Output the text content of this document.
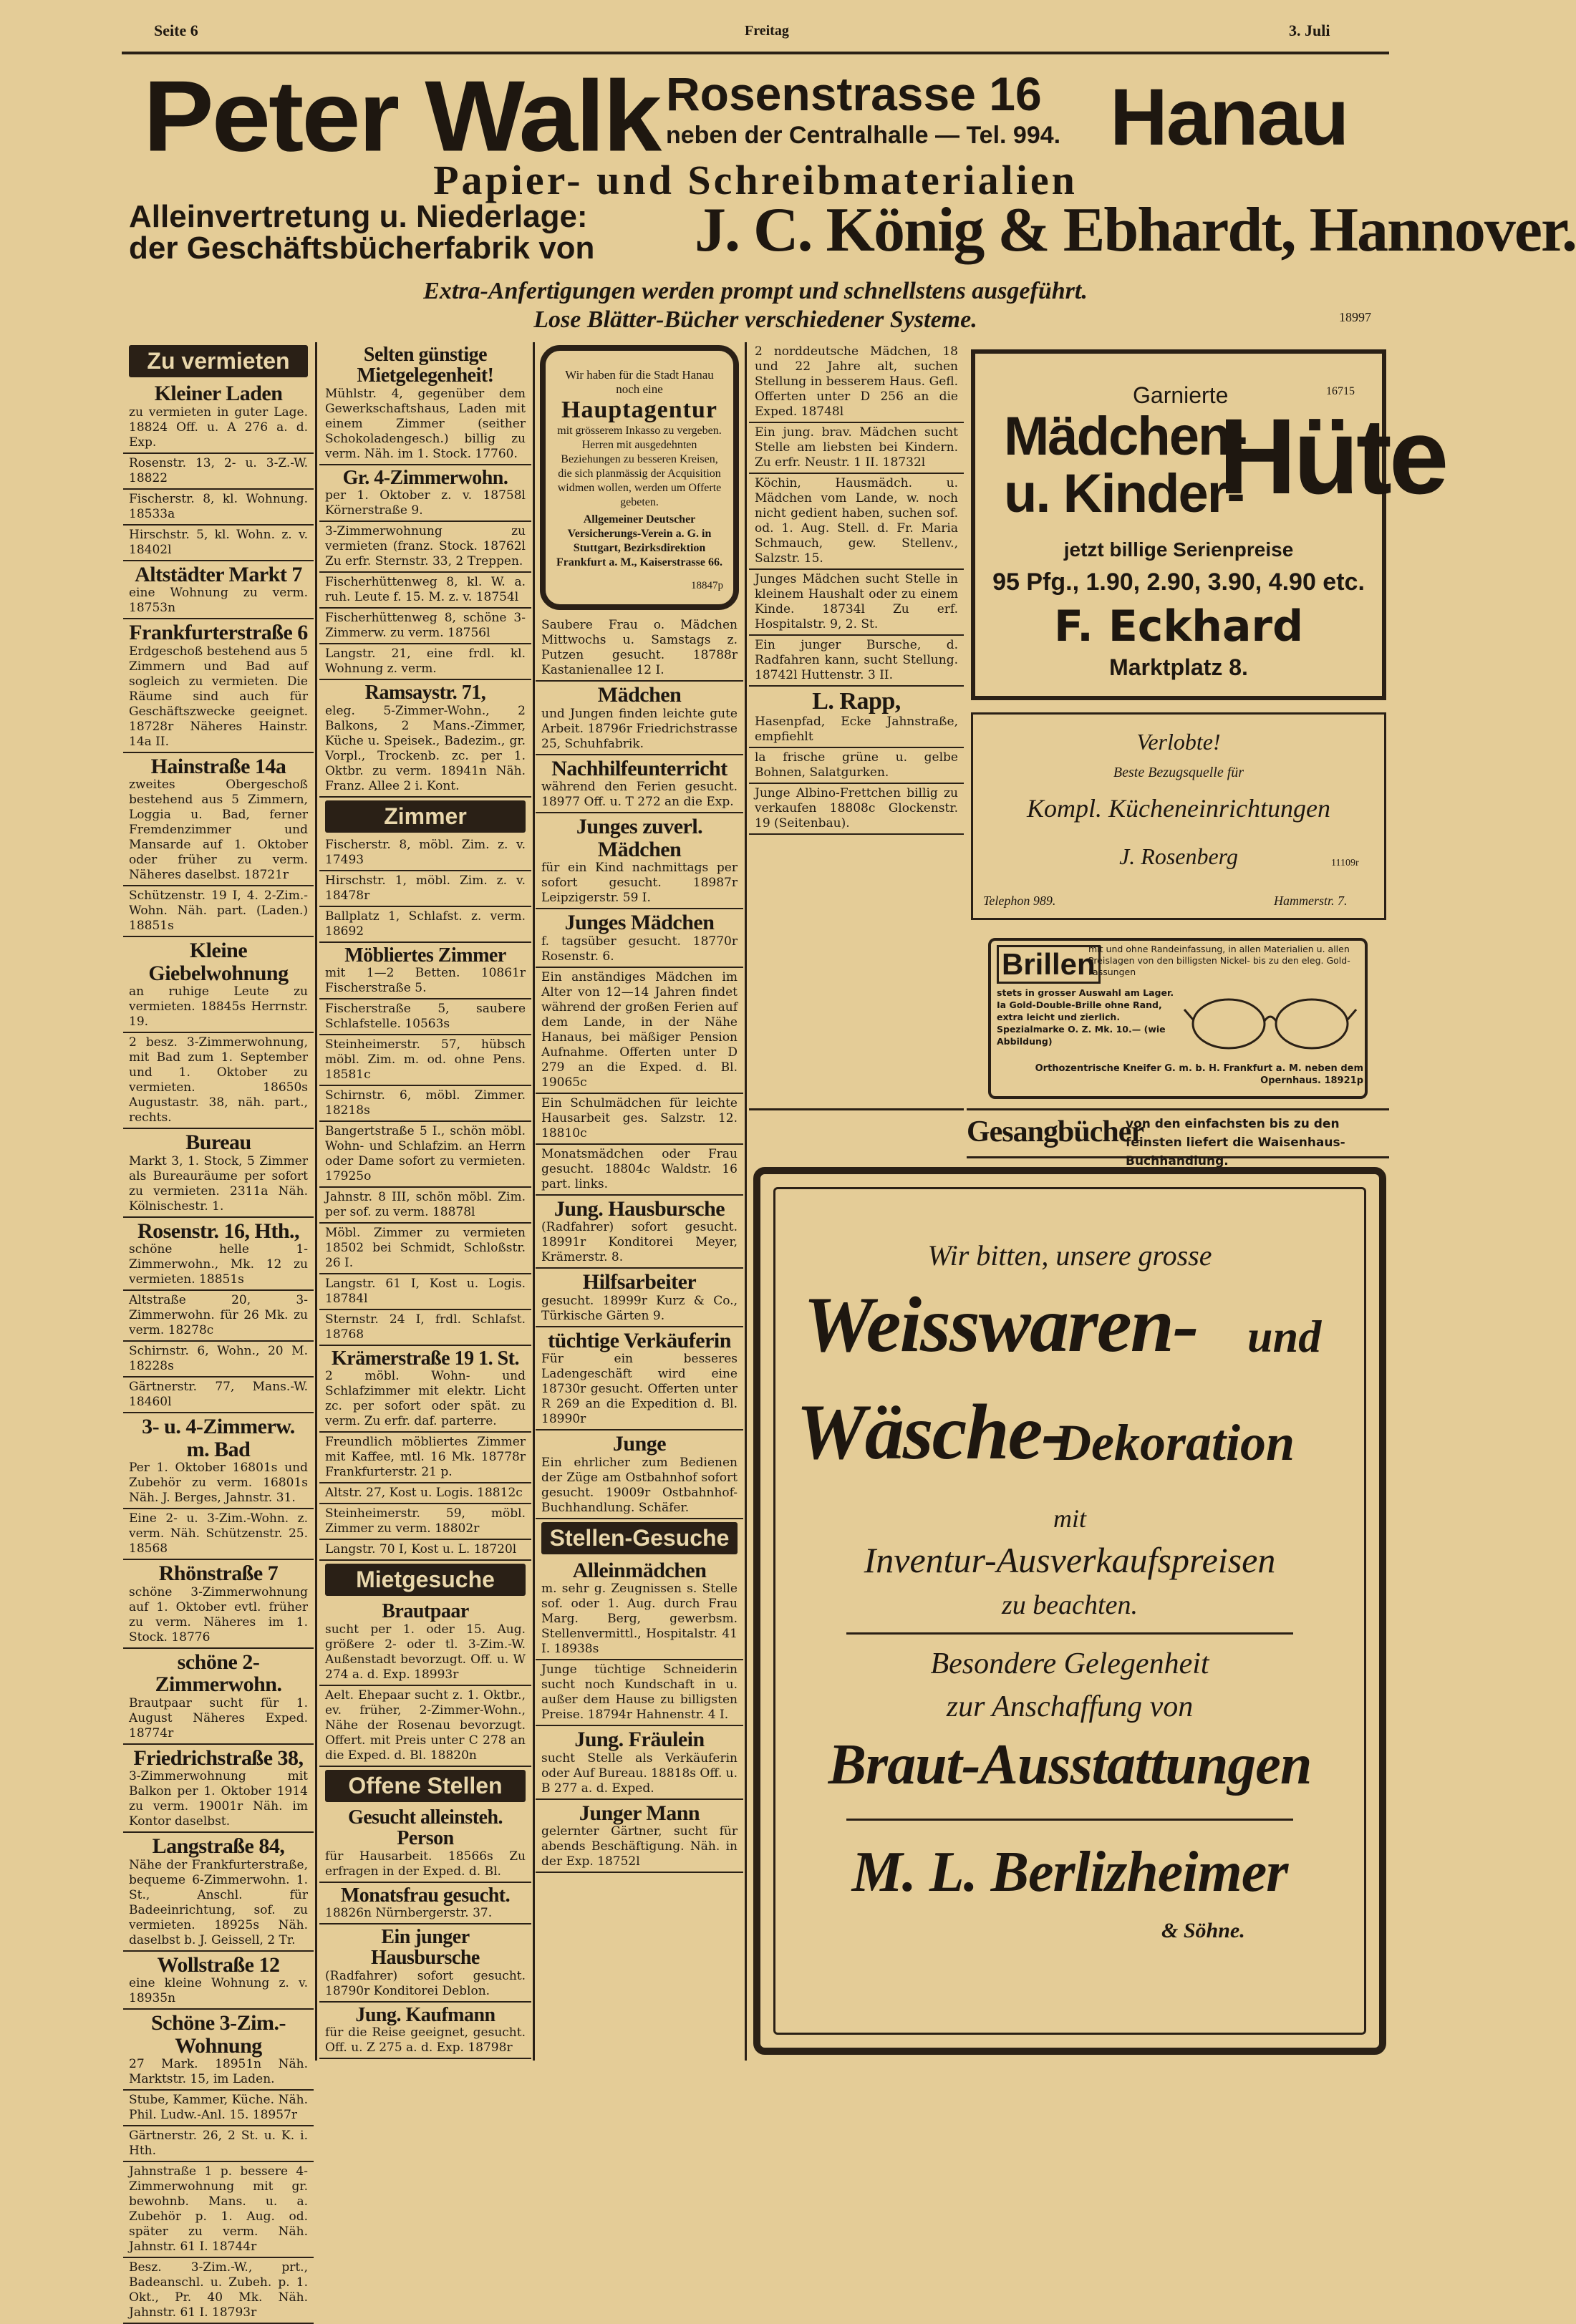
Seite 6	Freitag	3. Juli
Peter Walk Rosenstrasse 16
neben der Centralhalle — Tel. 994. Hanau
Papier- und Schreibmaterialien
Alleinvertretung u. Niederlage:
der Geschäftsbücherfabrik von J. C. König & Ebhardt, Hannover.
Extra-Anfertigungen werden prompt und schnellstens ausgeführt.
Lose Blätter-Bücher verschiedener Systeme.	18997
Zu vermieten
Kleiner Laden
zu vermieten in guter Lage. 18824 Off. u. A 276 a. d. Exp.
Rosenstr. 13, 2- u. 3-Z.-W. 18822
Fischerstr. 8, kl. Wohnung. 18533a
Hirschstr. 5, kl. Wohn. z. v. 18402l
Altstädter Markt 7
eine Wohnung zu verm. 18753n
Frankfurterstraße 6
Erdgeschoß bestehend aus 5 Zimmern und Bad auf sogleich zu vermieten. Die Räume sind auch für Geschäftszwecke geeignet. 18728r Näheres Hainstr. 14a II.
Hainstraße 14a
zweites Obergeschoß bestehend aus 5 Zimmern, Loggia u. Bad, ferner Fremdenzimmer und Mansarde auf 1. Oktober oder früher zu verm. Näheres daselbst. 18721r
Schützenstr. 19 I, 4. 2-Zim.-Wohn. Näh. part. (Laden.) 18851s
Kleine Giebelwohnung
an ruhige Leute zu vermieten. 18845s Herrnstr. 19.
2 besz. 3-Zimmerwohnung, mit Bad zum 1. September und 1. Oktober zu vermieten. 18650s Augustastr. 38, näh. part., rechts.
Bureau
Markt 3, 1. Stock, 5 Zimmer als Bureauräume per sofort zu vermieten. 2311a Näh. Kölnischestr. 1.
Rosenstr. 16, Hth.,
schöne helle 1-Zimmerwohn., Mk. 12 zu vermieten. 18851s
Altstraße 20, 3-Zimmerwohn. für 26 Mk. zu verm. 18278c
Schirnstr. 6, Wohn., 20 M. 18228s
Gärtnerstr. 77, Mans.-W. 18460l
3- u. 4-Zimmerw. m. Bad
Per 1. Oktober 16801s und Zubehör zu verm. 16801s Näh. J. Berges, Jahnstr. 31.
Eine 2- u. 3-Zim.-Wohn. z. verm. Näh. Schützenstr. 25. 18568
Rhönstraße 7
schöne 3-Zimmerwohnung auf 1. Oktober evtl. früher zu verm. Näheres im 1. Stock. 18776
schöne 2-Zimmerwohn.
Brautpaar sucht für 1. August Näheres Exped. 18774r
Friedrichstraße 38,
3-Zimmerwohnung mit Balkon per 1. Oktober 1914 zu verm. 19001r Näh. im Kontor daselbst.
Langstraße 84,
Nähe der Frankfurterstraße, bequeme 6-Zimmerwohn. 1. St., Anschl. für Badeeinrichtung, sof. zu vermieten. 18925s Näh. daselbst b. J. Geissell, 2 Tr.
Wollstraße 12
eine kleine Wohnung z. v. 18935n
Schöne 3-Zim.-Wohnung
27 Mark. 18951n Näh. Marktstr. 15, im Laden.
Stube, Kammer, Küche. Näh. Phil. Ludw.-Anl. 15. 18957r
Gärtnerstr. 26, 2 St. u. K. i. Hth.
Jahnstraße 1 p. bessere 4-Zimmerwohnung mit gr. bewohnb. Mans. u. a. Zubehör p. 1. Aug. od. später zu verm. Näh. Jahnstr. 61 I. 18744r
Besz. 3-Zim.-W., prt., Badeanschl. u. Zubeh. p. 1. Okt., Pr. 40 Mk. Näh. Jahnstr. 61 I. 18793r
Selten günstige Mietgelegenheit!
Mühlstr. 4, gegenüber dem Gewerkschaftshaus, Laden mit einem Zimmer (seither Schokoladengesch.) billig zu verm. Näh. im 1. Stock. 17760.
Gr. 4-Zimmerwohn.
per 1. Oktober z. v. 18758l Körnerstraße 9.
3-Zimmerwohnung zu vermieten (franz. Stock. 18762l Zu erfr. Sternstr. 33, 2 Treppen.
Fischerhüttenweg 8, kl. W. a. ruh. Leute f. 15. M. z. v. 18754l
Fischerhüttenweg 8, schöne 3-Zimmerw. zu verm. 18756l
Langstr. 21, eine frdl. kl. Wohnung z. verm.
Ramsaystr. 71,
eleg. 5-Zimmer-Wohn., 2 Balkons, 2 Mans.-Zimmer, Küche u. Speisek., Badezim., gr. Vorpl., Trockenb. zc. per 1. Oktbr. zu verm. 18941n Näh. Franz. Allee 2 i. Kont.
Zimmer
Fischerstr. 8, möbl. Zim. z. v. 17493
Hirschstr. 1, möbl. Zim. z. v. 18478r
Ballplatz 1, Schlafst. z. verm. 18692
Möbliertes Zimmer
mit 1—2 Betten. 10861r Fischerstraße 5.
Fischerstraße 5, saubere Schlafstelle. 10563s
Steinheimerstr. 57, hübsch möbl. Zim. m. od. ohne Pens. 18581c
Schirnstr. 6, möbl. Zimmer. 18218s
Bangertstraße 5 I., schön möbl. Wohn- und Schlafzim. an Herrn oder Dame sofort zu vermieten. 17925o
Jahnstr. 8 III, schön möbl. Zim. per sof. zu verm. 18878l
Möbl. Zimmer zu vermieten 18502 bei Schmidt, Schloßstr. 26 I.
Langstr. 61 I, Kost u. Logis. 18784l
Sternstr. 24 I, frdl. Schlafst. 18768
Krämerstraße 19 1. St.
2 möbl. Wohn- und Schlafzimmer mit elektr. Licht zc. per sofort oder spät. zu verm. Zu erfr. daf. parterre.
Freundlich möbliertes Zimmer mit Kaffee, mtl. 16 Mk. 18778r Frankfurterstr. 21 p.
Altstr. 27, Kost u. Logis. 18812c
Steinheimerstr. 59, möbl. Zimmer zu verm. 18802r
Langstr. 70 I, Kost u. L. 18720l
Mietgesuche
Brautpaar
sucht per 1. oder 15. Aug. größere 2- oder tl. 3-Zim.-W. Außenstadt bevorzugt. Off. u. W 274 a. d. Exp. 18993r
Aelt. Ehepaar sucht z. 1. Oktbr., ev. früher, 2-Zimmer-Wohn., Nähe der Rosenau bevorzugt. Offert. mit Preis unter C 278 an die Exped. d. Bl. 18820n
Offene Stellen
Gesucht alleinsteh. Person
für Hausarbeit. 18566s Zu erfragen in der Exped. d. Bl.
Monatsfrau gesucht.
18826n Nürnbergerstr. 37.
Ein junger Hausbursche
(Radfahrer) sofort gesucht. 18790r Konditorei Deblon.
Jung. Kaufmann
für die Reise geeignet, gesucht. Off. u. Z 275 a. d. Exp. 18798r
Wir haben für die Stadt Hanau noch eine
Hauptagentur
mit grösserem Inkasso zu vergeben. Herren mit ausgedehnten Beziehungen zu besseren Kreisen, die sich planmässig der Acquisition widmen wollen, werden um Offerte gebeten.
Allgemeiner Deutscher Versicherungs-Verein a. G. in Stuttgart, Bezirksdirektion Frankfurt a. M., Kaiserstrasse 66.
18847p
Saubere Frau o. Mädchen Mittwochs u. Samstags z. Putzen gesucht. 18788r Kastanienallee 12 I.
Mädchen
und Jungen finden leichte gute Arbeit. 18796r Friedrichstrasse 25, Schuhfabrik.
Nachhilfeunterricht
während den Ferien gesucht. 18977 Off. u. T 272 an die Exp.
Junges zuverl. Mädchen
für ein Kind nachmittags per sofort gesucht. 18987r Leipzigerstr. 59 I.
Junges Mädchen
f. tagsüber gesucht. 18770r Rosenstr. 6.
Ein anständiges Mädchen im Alter von 12—14 Jahren findet während der großen Ferien auf dem Lande, in der Nähe Hanaus, bei mäßiger Pension Aufnahme. Offerten unter D 279 an die Exped. d. Bl. 19065c
Ein Schulmädchen für leichte Hausarbeit ges. Salzstr. 12. 18810c
Monatsmädchen oder Frau gesucht. 18804c Waldstr. 16 part. links.
Jung. Hausbursche
(Radfahrer) sofort gesucht. 18991r Konditorei Meyer, Krämerstr. 8.
Hilfsarbeiter
gesucht. 18999r Kurz & Co., Türkische Gärten 9.
tüchtige Verkäuferin
Für ein besseres Ladengeschäft wird eine 18730r gesucht. Offerten unter R 269 an die Expedition d. Bl. 18990r
Junge
Ein ehrlicher zum Bedienen der Züge am Ostbahnhof sofort gesucht. 19009r Ostbahnhof-Buchhandlung. Schäfer.
Stellen-Gesuche
Alleinmädchen
m. sehr g. Zeugnissen s. Stelle sof. oder 1. Aug. durch Frau Marg. Berg, gewerbsm. Stellenvermittl., Hospitalstr. 41 I. 18938s
Junge tüchtige Schneiderin sucht noch Kundschaft in u. außer dem Hause zu billigsten Preise. 18794r Hahnenstr. 4 I.
Jung. Fräulein
sucht Stelle als Verkäuferin oder Auf Bureau. 18818s Off. u. B 277 a. d. Exped.
Junger Mann
gelernter Gärtner, sucht für abends Beschäftigung. Näh. in der Exp. 18752l
Garnierte	16715
Mädchen-
u. Kinder-
Hüte
jetzt billige Serienpreise
95 Pfg., 1.90, 2.90, 3.90, 4.90 etc.
F. Eckhard
Marktplatz 8.
Verlobte!
Beste Bezugsquelle für
Kompl. Kücheneinrichtungen
J. Rosenberg	11109r
Telephon 989.	Hammerstr. 7.
Brillen
mit und ohne Randeinfassung, in allen Materialien u. allen Preislagen von den billigsten Nickel- bis zu den eleg. Gold-Fassungen
stets in grosser Auswahl am Lager. Ia Gold-Double-Brille ohne Rand, extra leicht und zierlich. Spezialmarke O. Z. Mk. 10.— (wie Abbildung)
Orthozentrische Kneifer G. m. b. H. Frankfurt a. M. neben dem Opernhaus. 18921p
2 norddeutsche Mädchen, 18 und 22 Jahre alt, suchen Stellung in besserem Haus. Gefl. Offerten unter D 256 an die Exped. 18748l
Ein jung. brav. Mädchen sucht Stelle am liebsten bei Kindern. Zu erfr. Neustr. 1 II. 18732l
Köchin, Hausmädch. u. Mädchen vom Lande, w. noch nicht gedient haben, suchen sof. od. 1. Aug. Stell. d. Fr. Maria Schmauch, gew. Stellenv., Salzstr. 15.
Junges Mädchen sucht Stelle in kleinem Haushalt oder zu einem Kinde. 18734l Zu erf. Hospitalstr. 9, 2. St.
Ein junger Bursche, d. Radfahren kann, sucht Stellung. 18742l Huttenstr. 3 II.
L. Rapp,
Hasenpfad, Ecke Jahnstraße, empfiehlt
la frische grüne u. gelbe Bohnen, Salatgurken.
Junge Albino-Frettchen billig zu verkaufen 18808c Glockenstr. 19 (Seitenbau).
Gesangbücher
von den einfachsten bis zu den feinsten liefert die Waisenhaus-Buchhandlung.
Wir bitten, unsere grosse
Weisswaren- und
Wäsche-
Dekoration
mit
Inventur-Ausverkaufspreisen
zu beachten.
Besondere Gelegenheit
zur Anschaffung von
Braut-Ausstattungen
M. L. Berlizheimer
& Söhne.
